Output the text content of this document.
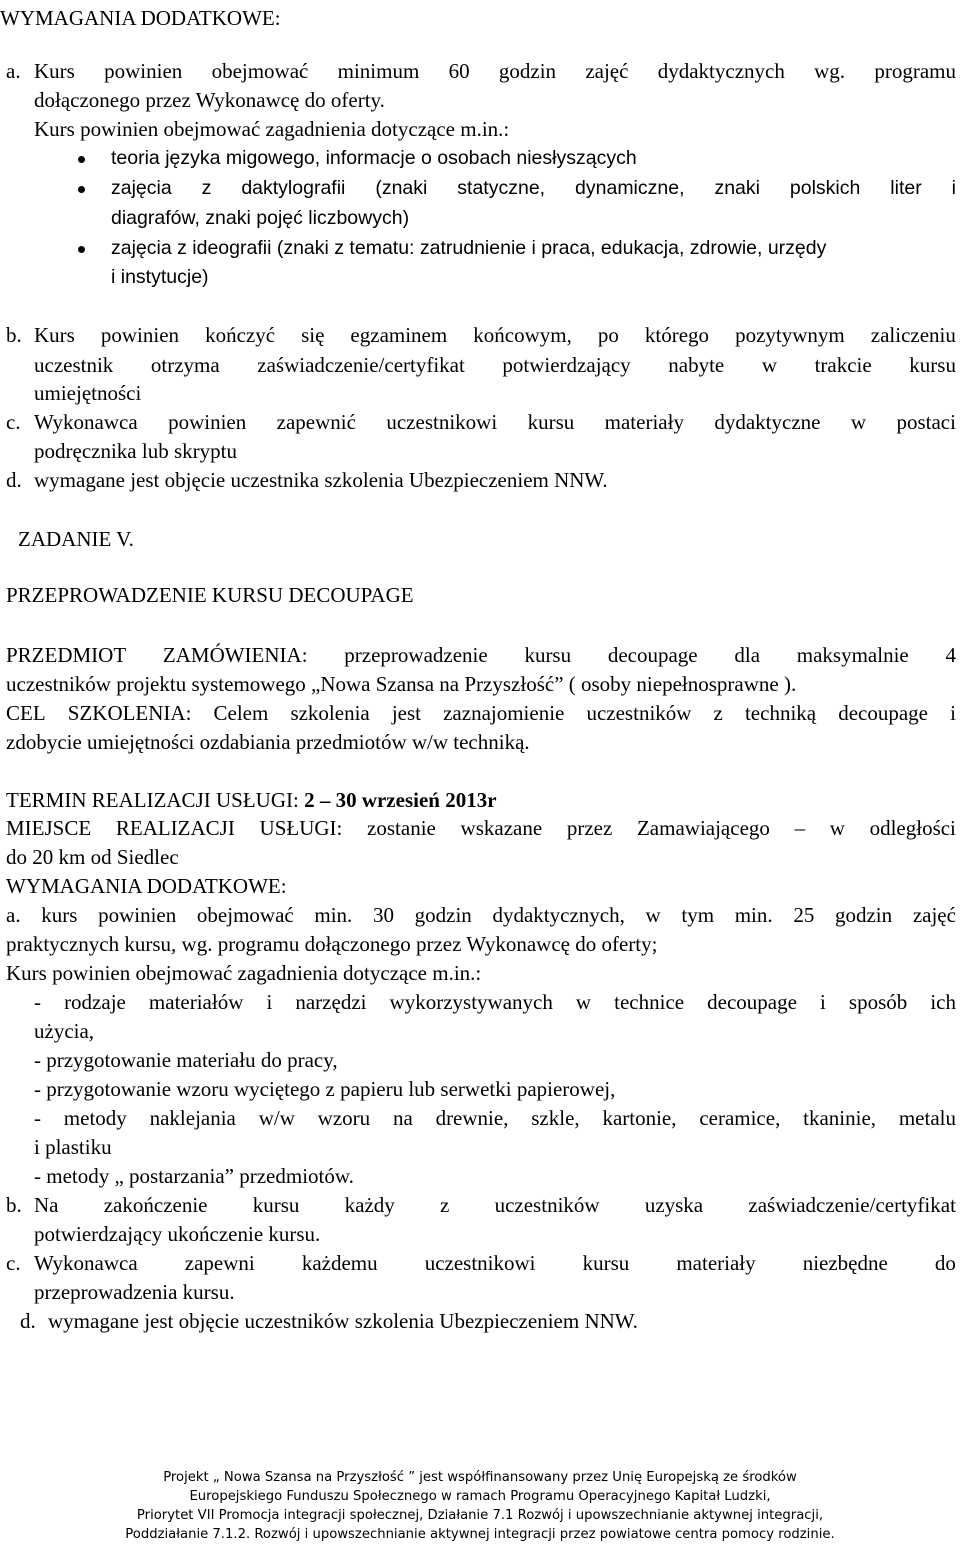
WYMAGANIA DODATKOWE:
a. Kurs powinien obejmować minimum 60 godzin zajęć dydaktycznych wg. programu
dołączonego przez Wykonawcę do oferty.
Kurs powinien obejmować zagadnienia dotyczące m.in.:
teoria języka migowego, informacje o osobach niesłyszących
zajęcia z daktylografii (znaki statyczne, dynamiczne, znaki polskich liter i
diagrafów, znaki pojęć liczbowych)
zajęcia z ideografii (znaki z tematu: zatrudnienie i praca, edukacja, zdrowie, urzędy
i instytucje)
b. Kurs powinien kończyć się egzaminem końcowym, po którego pozytywnym zaliczeniu
uczestnik otrzyma zaświadczenie/certyfikat potwierdzający nabyte w trakcie kursu
umiejętności
c. Wykonawca powinien zapewnić uczestnikowi kursu materiały dydaktyczne w postaci
podręcznika lub skryptu
d. wymagane jest objęcie uczestnika szkolenia Ubezpieczeniem NNW.
ZADANIE V.
PRZEPROWADZENIE KURSU DECOUPAGE
PRZEDMIOT ZAMÓWIENIA: przeprowadzenie kursu decoupage dla maksymalnie 4
uczestników projektu systemowego „Nowa Szansa na Przyszłość” ( osoby niepełnosprawne ).
CEL SZKOLENIA: Celem szkolenia jest zaznajomienie uczestników z techniką decoupage i
zdobycie umiejętności ozdabiania przedmiotów w/w techniką.
TERMIN REALIZACJI USŁUGI: 2 – 30 wrzesień 2013r
MIEJSCE REALIZACJI USŁUGI: zostanie wskazane przez Zamawiającego – w odległości
do 20 km od Siedlec
WYMAGANIA DODATKOWE:
a. kurs powinien obejmować min. 30 godzin dydaktycznych, w tym min. 25 godzin zajęć
praktycznych kursu, wg. programu dołączonego przez Wykonawcę do oferty;
Kurs powinien obejmować zagadnienia dotyczące m.in.:
- rodzaje materiałów i narzędzi wykorzystywanych w technice decoupage i sposób ich
użycia,
- przygotowanie materiału do pracy,
- przygotowanie wzoru wyciętego z papieru lub serwetki papierowej,
- metody naklejania w/w wzoru na drewnie, szkle, kartonie, ceramice, tkaninie, metalu
i plastiku
- metody „ postarzania” przedmiotów.
b. Na zakończenie kursu każdy z uczestników uzyska zaświadczenie/certyfikat
potwierdzający ukończenie kursu.
c. Wykonawca zapewni każdemu uczestnikowi kursu materiały niezbędne do
przeprowadzenia kursu.
d. wymagane jest objęcie uczestników szkolenia Ubezpieczeniem NNW.
Projekt „ Nowa Szansa na Przyszłość ” jest współfinansowany przez Unię Europejską ze środków
Europejskiego Funduszu Społecznego w ramach Programu Operacyjnego Kapitał Ludzki,
Priorytet VII Promocja integracji społecznej, Działanie 7.1 Rozwój i upowszechnianie aktywnej integracji,
Poddziałanie 7.1.2. Rozwój i upowszechnianie aktywnej integracji przez powiatowe centra pomocy rodzinie.
